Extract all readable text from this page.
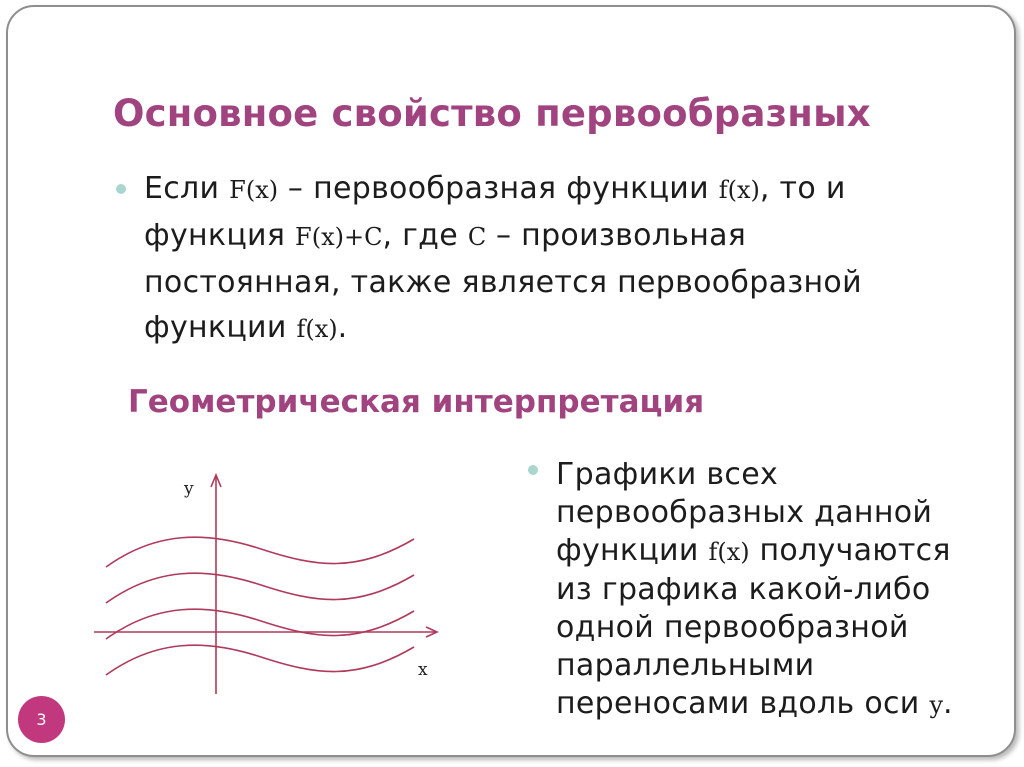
Основное свойство первообразных
Если F(x) – первообразная функции f(x), то и
функция F(x)+C, где C – произвольная
постоянная, также является первообразной
функции f(x).
Геометрическая интерпретация
y
x
Графики всех
первообразных данной
функции f(x) получаются
из графика какой-либо
одной первообразной
параллельными
переносами вдоль оси y.
3
